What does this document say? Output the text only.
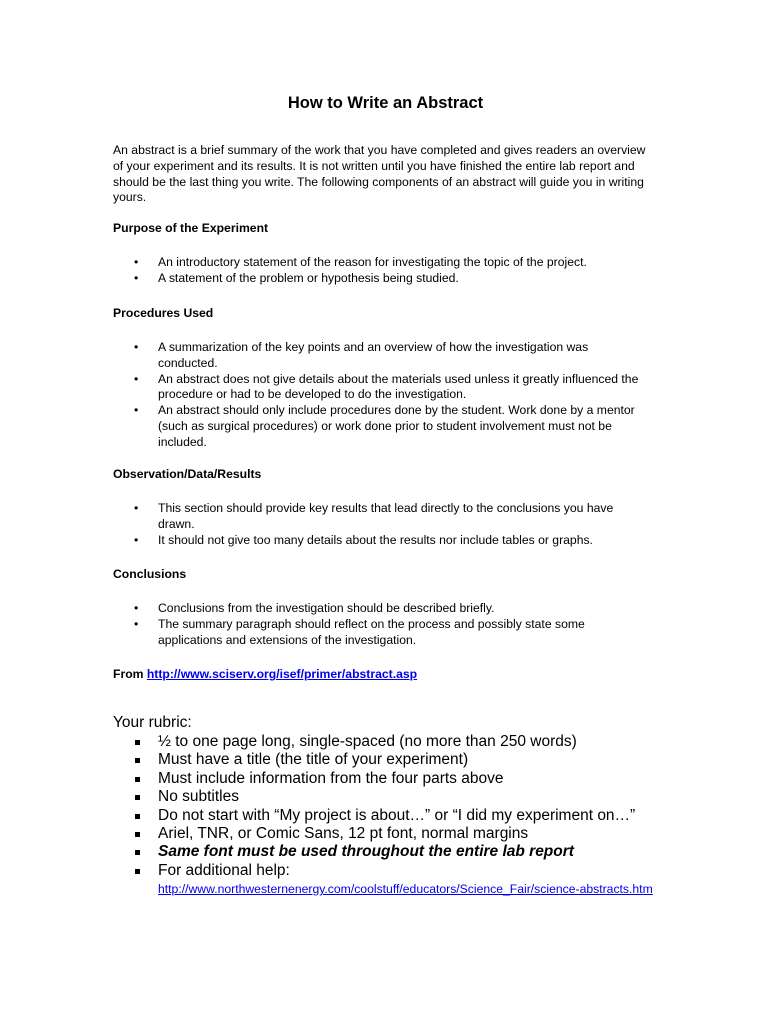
How to Write an Abstract
An abstract is a brief summary of the work that you have completed and gives readers an overview of your experiment and its results. It is not written until you have finished the entire lab report and should be the last thing you write. The following components of an abstract will guide you in writing yours.
Purpose of the Experiment
• An introductory statement of the reason for investigating the topic of the project.
• A statement of the problem or hypothesis being studied.
Procedures Used
• A summarization of the key points and an overview of how the investigation was conducted.
• An abstract does not give details about the materials used unless it greatly influenced the procedure or had to be developed to do the investigation.
• An abstract should only include procedures done by the student. Work done by a mentor (such as surgical procedures) or work done prior to student involvement must not be included.
Observation/Data/Results
• This section should provide key results that lead directly to the conclusions you have drawn.
• It should not give too many details about the results nor include tables or graphs.
Conclusions
• Conclusions from the investigation should be described briefly.
• The summary paragraph should reflect on the process and possibly state some applications and extensions of the investigation.
From http://www.sciserv.org/isef/primer/abstract.asp
Your rubric:
½ to one page long, single-spaced (no more than 250 words)
Must have a title (the title of your experiment)
Must include information from the four parts above
No subtitles
Do not start with “My project is about…” or “I did my experiment on…”
Ariel, TNR, or Comic Sans, 12 pt font, normal margins
Same font must be used throughout the entire lab report
For additional help:
http://www.northwesternenergy.com/coolstuff/educators/Science_Fair/science-abstracts.htm
